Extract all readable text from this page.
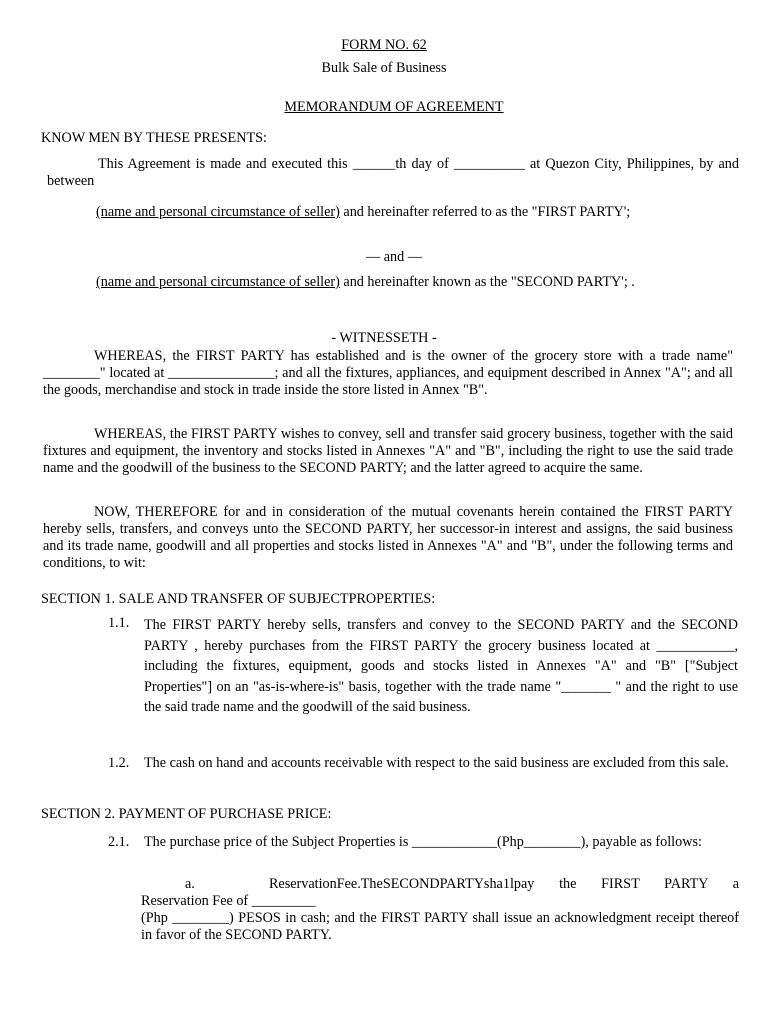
FORM NO. 62
Bulk Sale of Business
MEMORANDUM OF AGREEMENT
KNOW MEN BY THESE PRESENTS:
This Agreement is made and executed this ______th day of __________ at Quezon City, Philippines, by and between
(name and personal circumstance of seller) and hereinafter referred to as the "FIRST PARTY';
— and —
(name and personal circumstance of seller) and hereinafter known as the "SECOND PARTY'; .
- WITNESSETH -
WHEREAS, the FIRST PARTY has established and is the owner of the grocery store with a trade name" ________" located at _______________; and all the fixtures, appliances, and equipment described in Annex "A"; and all the goods, merchandise and stock in trade inside the store listed in Annex "B".
WHEREAS, the FIRST PARTY wishes to convey, sell and transfer said grocery business, together with the said fixtures and equipment, the inventory and stocks listed in Annexes "A" and "B", including the right to use the said trade name and the goodwill of the business to the SECOND PARTY; and the latter agreed to acquire the same.
NOW, THEREFORE for and in consideration of the mutual covenants herein contained the FIRST PARTY hereby sells, transfers, and conveys unto the SECOND PARTY, her successor-in interest and assigns, the said business and its trade name, goodwill and all properties and stocks listed in Annexes "A" and "B", under the following terms and conditions, to wit:
SECTION 1. SALE AND TRANSFER OF SUBJECTPROPERTIES:
1.1. The FIRST PARTY hereby sells, transfers and convey to the SECOND PARTY and the SECOND PARTY , hereby purchases from the FIRST PARTY the grocery business located at ___________, including the fixtures, equipment, goods and stocks listed in Annexes "A" and "B" ["Subject Properties"] on an "as-is-where-is" basis, together with the trade name "_______ " and the right to use the said trade name and the goodwill of the said business.
1.2. The cash on hand and accounts receivable with respect to the said business are excluded from this sale.
SECTION 2. PAYMENT OF PURCHASE PRICE:
2.1. The purchase price of the Subject Properties is ____________(Php________), payable as follows:
a.	ReservationFee.TheSECONDPARTYsha1lpay the FIRST PARTY a
Reservation Fee of _________
(Php ________) PESOS in cash; and the FIRST PARTY shall issue an acknowledgment receipt thereof in favor of the SECOND PARTY.
